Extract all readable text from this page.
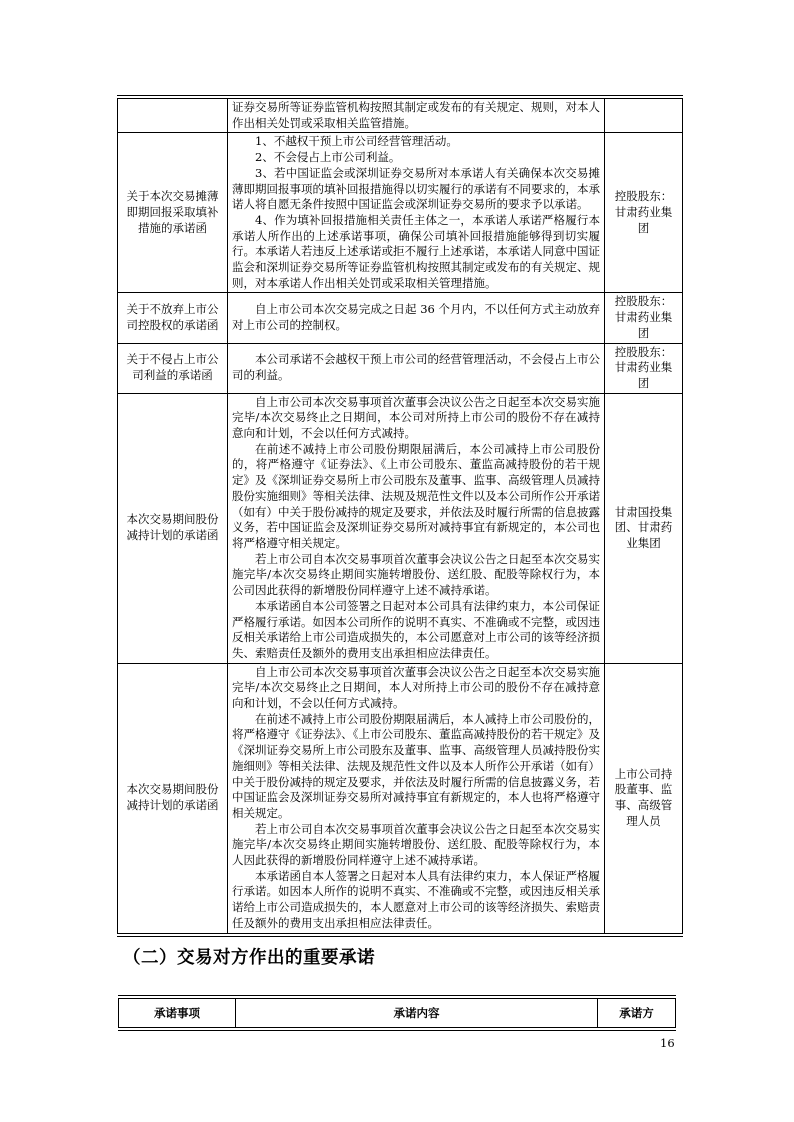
	证券交易所等证券监管机构按照其制定或发布的有关规定、规则，对本人作出相关处罚或采取相关监管措施。	

关于本次交易摊薄即期回报采取填补措施的承诺函	1、不越权干预上市公司经营管理活动。

2、不会侵占上市公司利益。

3、若中国证监会或深圳证券交易所对本承诺人有关确保本次交易摊薄即期回报事项的填补回报措施得以切实履行的承诺有不同要求的，本承诺人将自愿无条件按照中国证监会或深圳证券交易所的要求予以承诺。

4、作为填补回报措施相关责任主体之一，本承诺人承诺严格履行本承诺人所作出的上述承诺事项，确保公司填补回报措施能够得到切实履行。本承诺人若违反上述承诺或拒不履行上述承诺，本承诺人同意中国证监会和深圳证券交易所等证券监管机构按照其制定或发布的有关规定、规则，对本承诺人作出相关处罚或采取相关管理措施。	控股股东：甘肃药业集团
关于不放弃上市公司控股权的承诺函	自上市公司本次交易完成之日起 36 个月内，不以任何方式主动放弃对上市公司的控制权。	控股股东：甘肃药业集团
关于不侵占上市公司利益的承诺函	本公司承诺不会越权干预上市公司的经营管理活动，不会侵占上市公司的利益。	控股股东：甘肃药业集团
本次交易期间股份减持计划的承诺函	自上市公司本次交易事项首次董事会决议公告之日起至本次交易实施完毕/本次交易终止之日期间，本公司对所持上市公司的股份不存在减持意向和计划，不会以任何方式减持。

在前述不减持上市公司股份期限届满后，本公司减持上市公司股份的，将严格遵守《证券法》、《上市公司股东、董监高减持股份的若干规定》及《深圳证券交易所上市公司股东及董事、监事、高级管理人员减持股份实施细则》等相关法律、法规及规范性文件以及本公司所作公开承诺（如有）中关于股份减持的规定及要求，并依法及时履行所需的信息披露义务，若中国证监会及深圳证券交易所对减持事宜有新规定的，本公司也将严格遵守相关规定。

若上市公司自本次交易事项首次董事会决议公告之日起至本次交易实施完毕/本次交易终止期间实施转增股份、送红股、配股等除权行为，本公司因此获得的新增股份同样遵守上述不减持承诺。

本承诺函自本公司签署之日起对本公司具有法律约束力，本公司保证严格履行承诺。如因本公司所作的说明不真实、不准确或不完整，或因违反相关承诺给上市公司造成损失的，本公司愿意对上市公司的该等经济损失、索赔责任及额外的费用支出承担相应法律责任。	甘肃国投集团、甘肃药业集团
本次交易期间股份减持计划的承诺函	自上市公司本次交易事项首次董事会决议公告之日起至本次交易实施完毕/本次交易终止之日期间，本人对所持上市公司的股份不存在减持意向和计划，不会以任何方式减持。

在前述不减持上市公司股份期限届满后，本人减持上市公司股份的，将严格遵守《证券法》、《上市公司股东、董监高减持股份的若干规定》及《深圳证券交易所上市公司股东及董事、监事、高级管理人员减持股份实施细则》等相关法律、法规及规范性文件以及本人所作公开承诺（如有）中关于股份减持的规定及要求，并依法及时履行所需的信息披露义务，若中国证监会及深圳证券交易所对减持事宜有新规定的，本人也将严格遵守相关规定。

若上市公司自本次交易事项首次董事会决议公告之日起至本次交易实施完毕/本次交易终止期间实施转增股份、送红股、配股等除权行为，本人因此获得的新增股份同样遵守上述不减持承诺。

本承诺函自本人签署之日起对本人具有法律约束力，本人保证严格履行承诺。如因本人所作的说明不真实、不准确或不完整，或因违反相关承诺给上市公司造成损失的，本人愿意对上市公司的该等经济损失、索赔责任及额外的费用支出承担相应法律责任。	上市公司持股董事、监事、高级管理人员
（二）交易对方作出的重要承诺
承诺事项	承诺内容	承诺方
16
